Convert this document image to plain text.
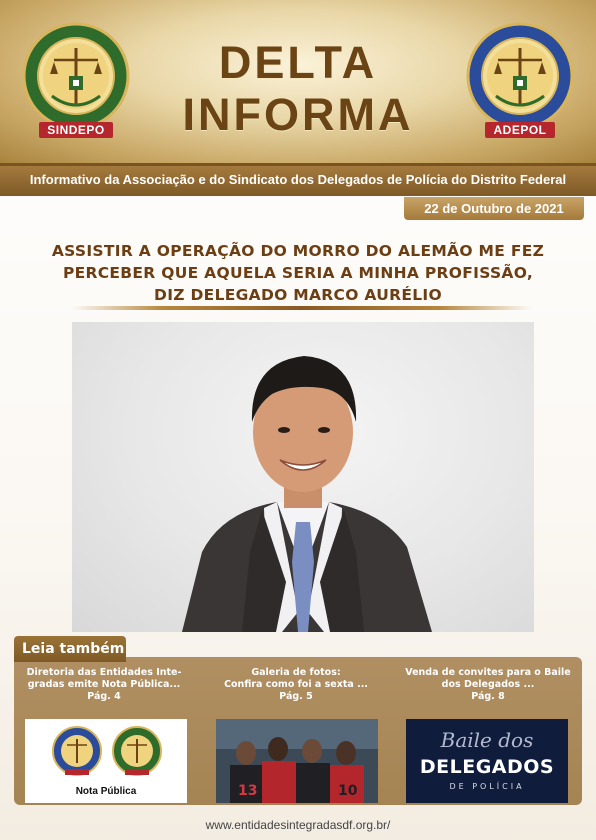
SINDEPO	ADEPOL
DELTA
INFORMA
Informativo da Associação e do Sindicato dos Delegados de Polícia do Distrito Federal
22 de Outubro de 2021
ASSISTIR A OPERAÇÃO DO MORRO DO ALEMÃO ME FEZ
PERCEBER QUE AQUELA SERIA A MINHA PROFISSÃO,
DIZ DELEGADO MARCO AURÉLIO
Leia também
Diretoria das Entidades Inte-
gradas emite Nota Pública...
Pág. 4
Galeria de fotos:
Confira como foi a sexta ...
Pág. 5
Venda de convites para o Baile
dos Delegados ...
Pág. 8
Nota Pública	13	10
Baile dos
DELEGADOS
DE POLÍCIA
www.entidadesintegradasdf.org.br/
